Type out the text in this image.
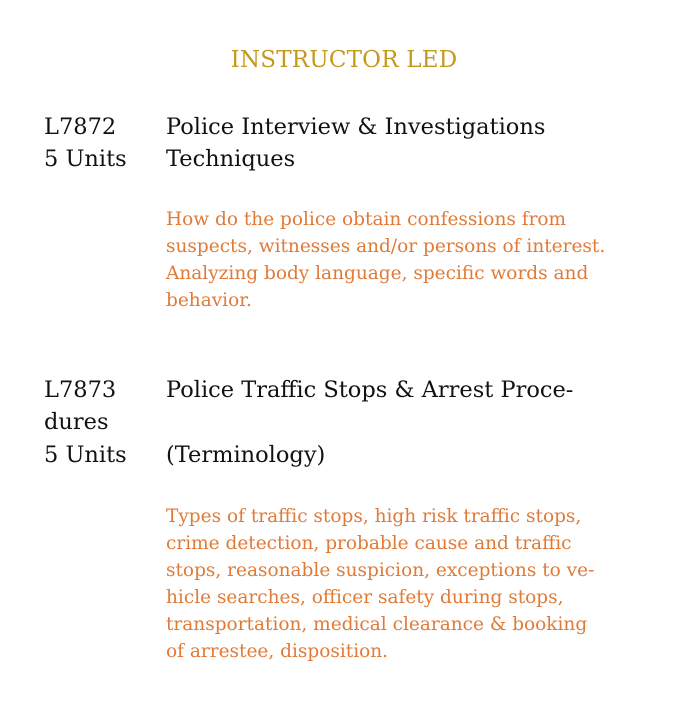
INSTRUCTOR LED
L7872 Police Interview & Investigations
5 Units Techniques
How do the police obtain confessions from
suspects, witnesses and/or persons of interest.
Analyzing body language, specific words and
behavior.
L7873 Police Traffic Stops & Arrest Proce-
dures
5 Units (Terminology)
Types of traffic stops, high risk traffic stops,
crime detection, probable cause and traffic
stops, reasonable suspicion, exceptions to ve-
hicle searches, officer safety during stops,
transportation, medical clearance & booking
of arrestee, disposition.
